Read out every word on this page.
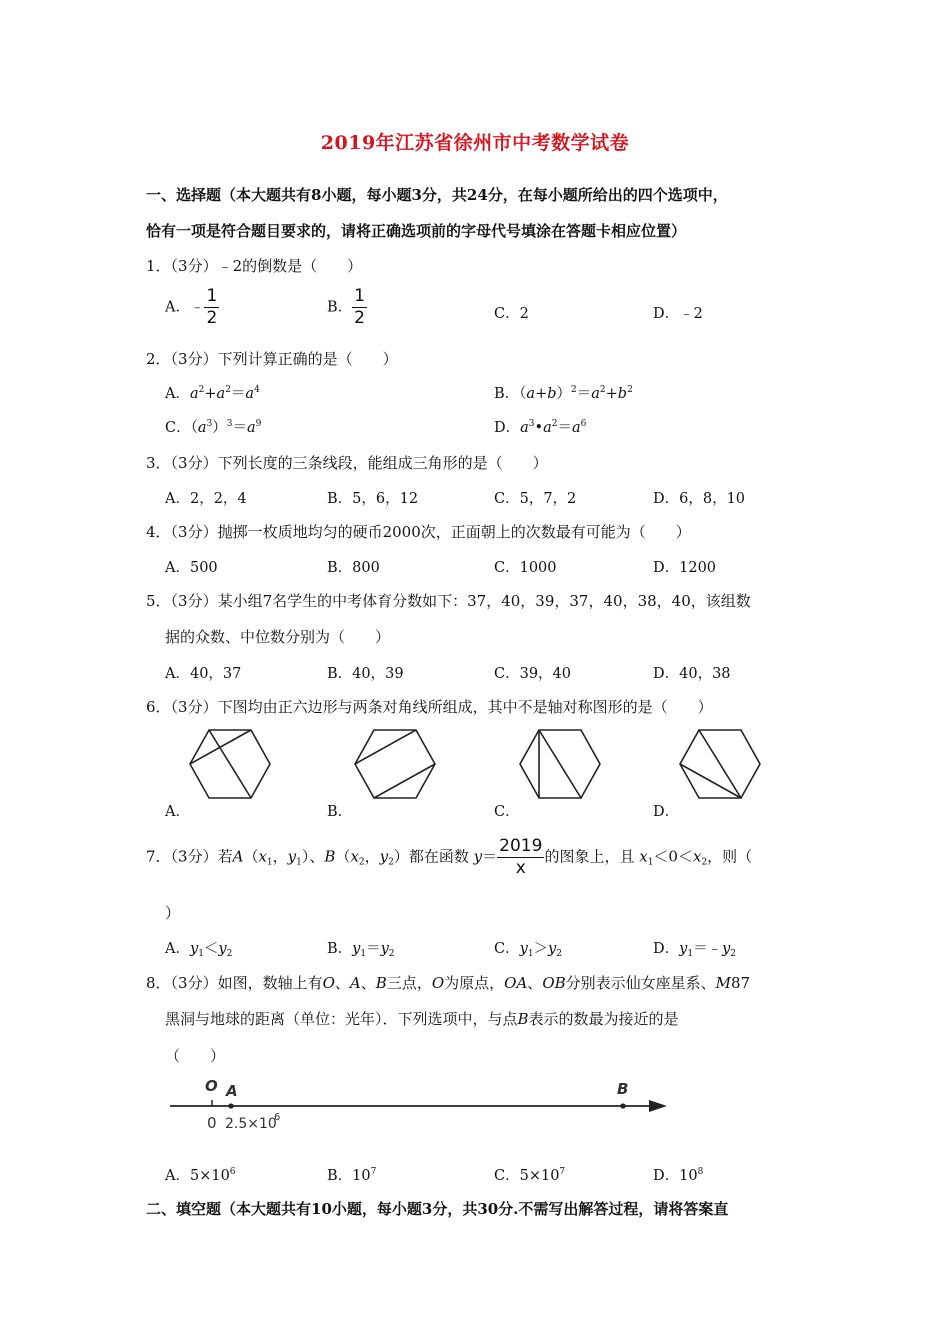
2019年江苏省徐州市中考数学试卷
一、选择题（本大题共有8小题，每小题3分，共24分，在每小题所给出的四个选项中，
恰有一项是符合题目要求的，请将正确选项前的字母代号填涂在答题卡相应位置）
1．（3分）﹣2的倒数是（　　）
A．﹣ $\frac{1}{2}$	B． $\frac{1}{2}$	C．2	D．﹣2
2．（3分）下列计算正确的是（　　）
A．$a^2+a^2=a^4$	B．$(a+b)^2=a^2+b^2$
C．$(a^3)^3=a^9$	D．$a^3•a^2=a^6$
3．（3分）下列长度的三条线段，能组成三角形的是（　　）
A．2，2，4	B．5，6，12	C．5，7，2	D．6，8，10
4．（3分）抛掷一枚质地均匀的硬币2000次，正面朝上的次数最有可能为（　　）
A．500	B．800	C．1000	D．1200
5．（3分）某小组7名学生的中考体育分数如下：37，40，39，37，40，38，40，该组数
据的众数、中位数分别为（　　）
A．40，37	B．40，39	C．39，40	D．40，38
6．（3分）下图均由正六边形与两条对角线所组成，其中不是轴对称图形的是（　　）
A．	B．	C．	D．
7．（3分）若$A(x_1$，$y_1$）、$B(x_2$，$y_2$）都在函数 $y= \frac{2019}{x}$ 的图象上，且 $x_1<0<x_2$，则（
）
A．$y_1<y_2$	B．$y_1=y_2$	C．$y_1>y_2$	D．$y_1=﹣y_2$
8．（3分）如图，数轴上有O、A、B三点，O为原点，OA、OB分别表示仙女座星系、M87
黑洞与地球的距离（单位：光年）．下列选项中，与点B表示的数最为接近的是
（　　）
O A	B
0 2.5×10
6
A．$5\times 10^6$	B．$10^7$	C．$5\times 10^7$	D．$10^8$
二、填空题（本大题共有10小题，每小题3分，共30分.不需写出解答过程，请将答案直
